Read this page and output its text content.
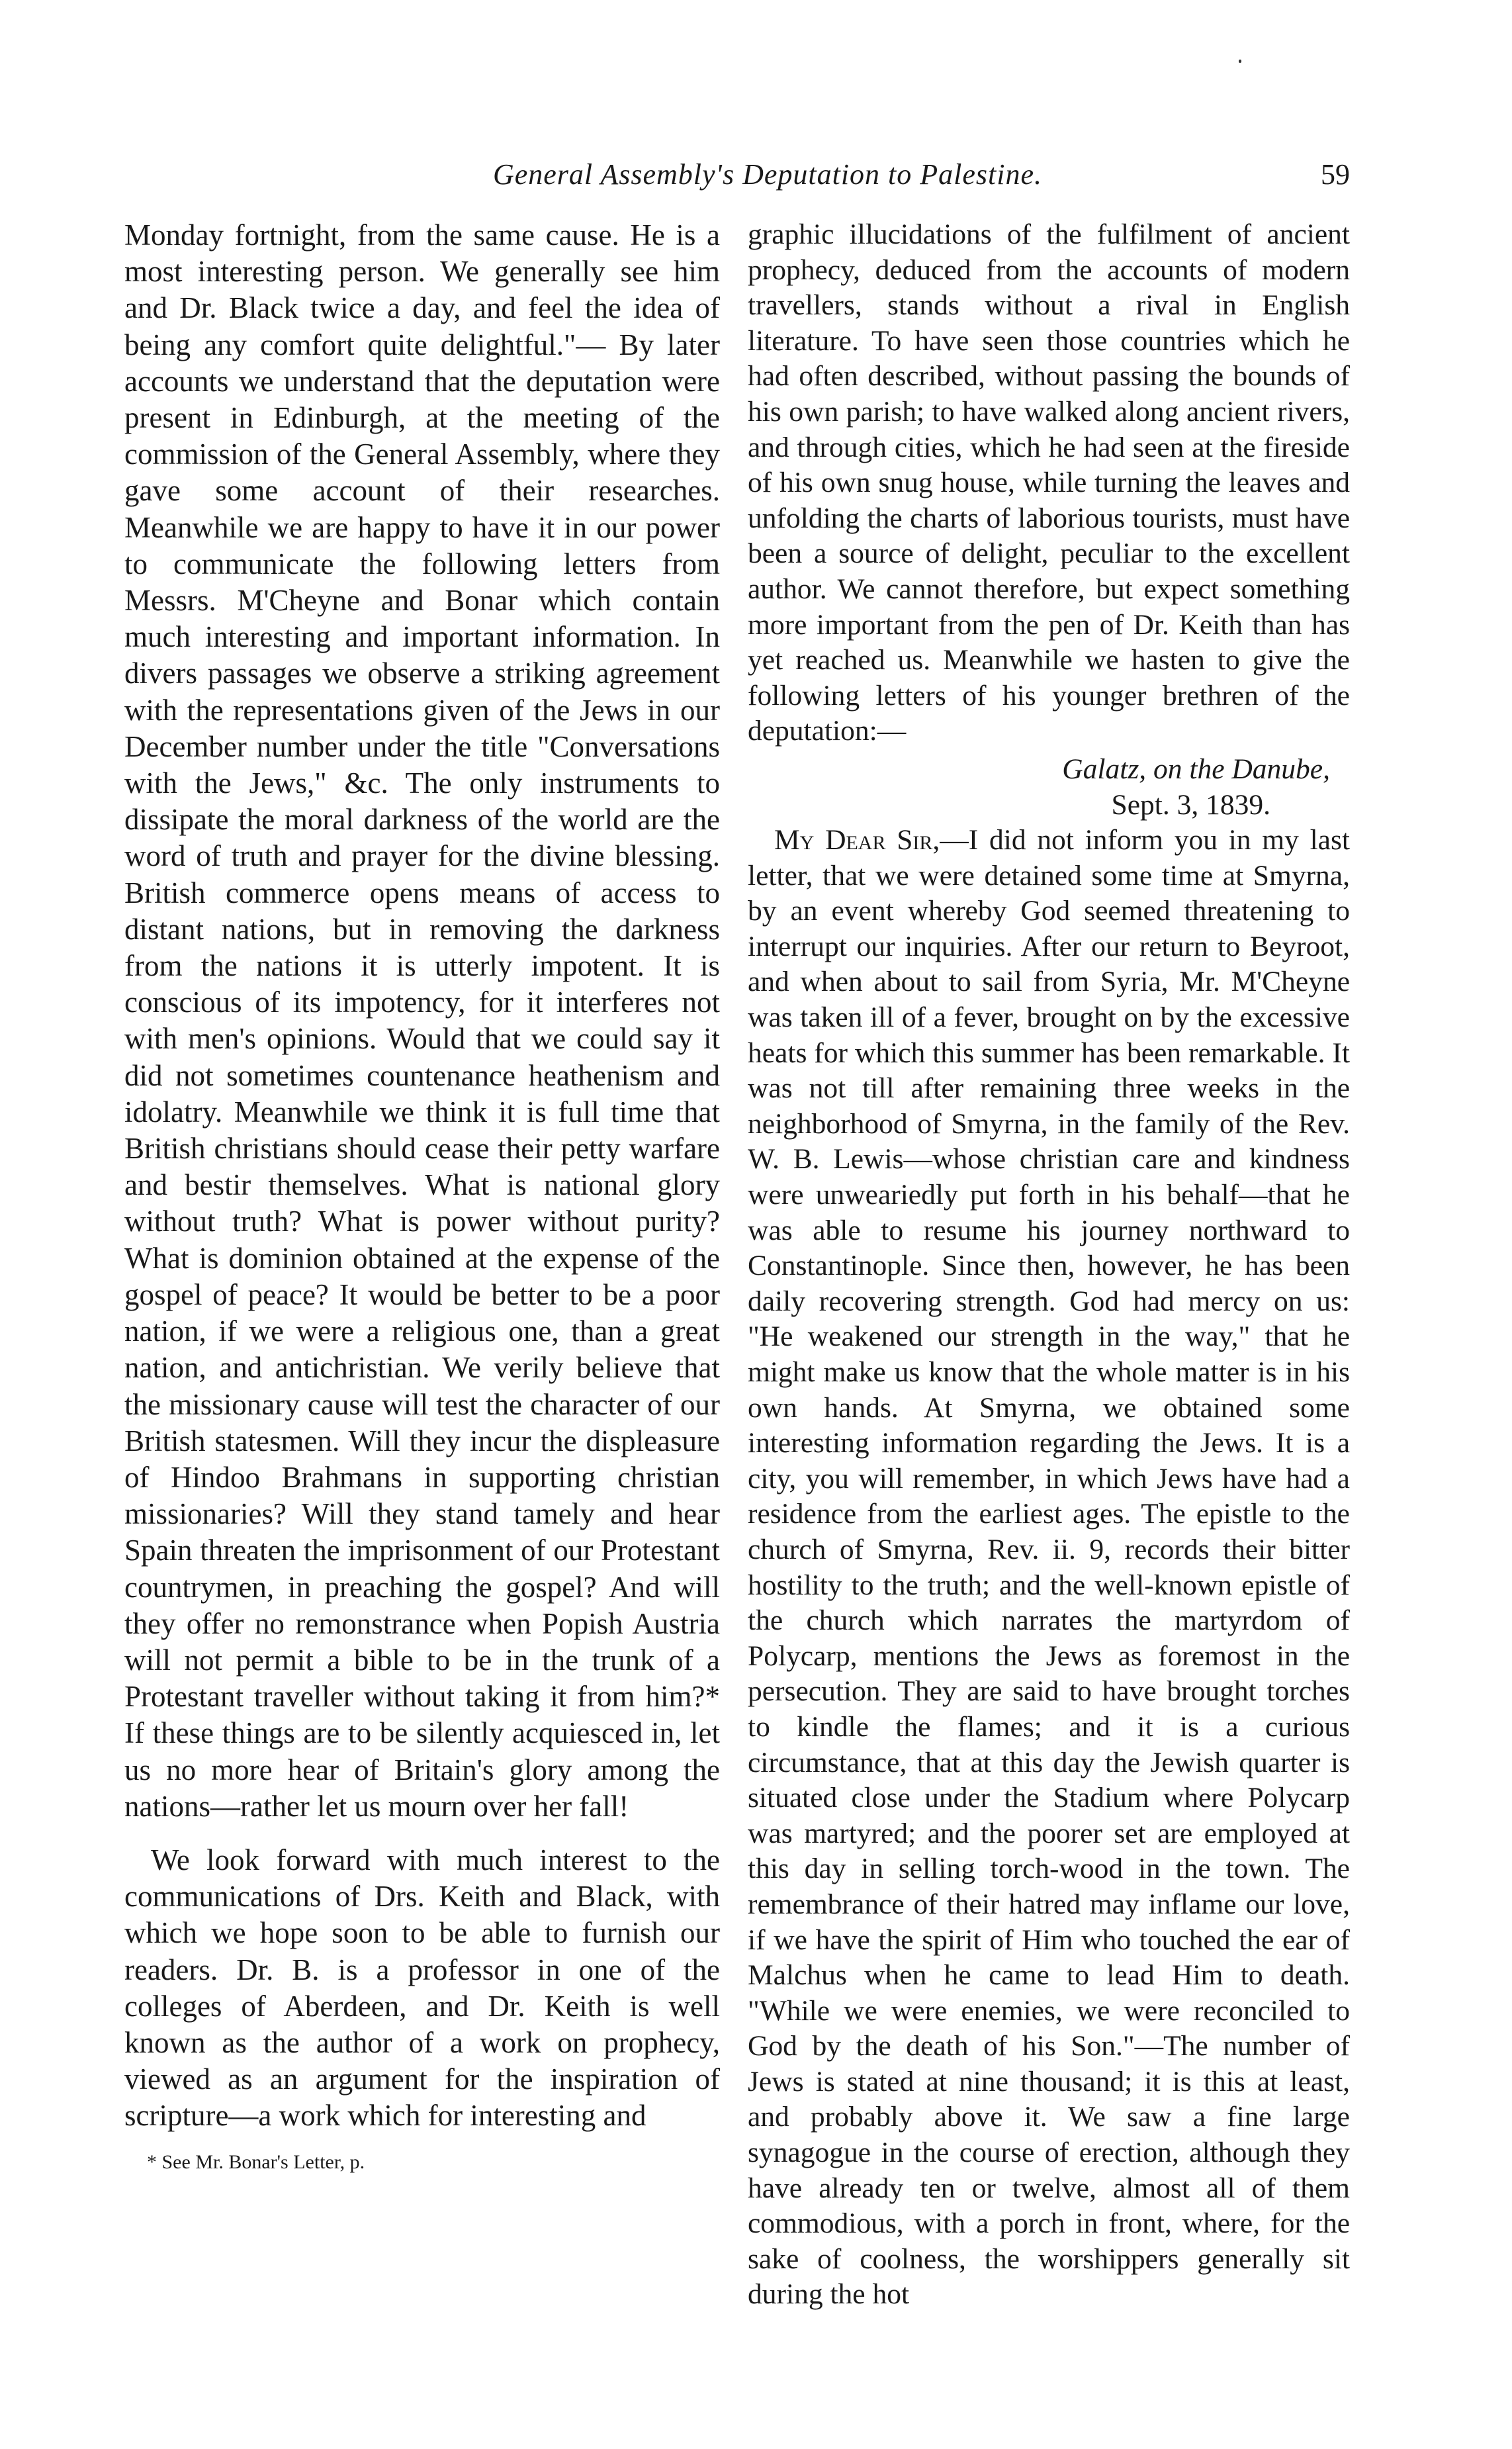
General Assembly's Deputation to Palestine.	59

Monday fortnight, from the same cause. He is a most interesting person. We generally see him and Dr. Black twice a day, and feel the idea of being any comfort quite delightful."— By later accounts we understand that the deputation were present in Edinburgh, at the meeting of the commission of the General Assembly, where they gave some account of their researches. Meanwhile we are happy to have it in our power to communicate the following letters from Messrs. M'Cheyne and Bonar which contain much interesting and important information. In divers passages we observe a striking agreement with the representations given of the Jews in our December number under the title "Conversations with the Jews," &c. The only instruments to dissipate the moral darkness of the world are the word of truth and prayer for the divine blessing. British commerce opens means of access to distant nations, but in removing the darkness from the nations it is utterly impotent. It is conscious of its impotency, for it interferes not with men's opinions. Would that we could say it did not sometimes countenance heathenism and idolatry. Meanwhile we think it is full time that British christians should cease their petty warfare and bestir themselves. What is national glory without truth? What is power without purity? What is dominion obtained at the expense of the gospel of peace? It would be better to be a poor nation, if we were a religious one, than a great nation, and antichristian. We verily believe that the missionary cause will test the character of our British statesmen. Will they incur the displeasure of Hindoo Brahmans in supporting christian missionaries? Will they stand tamely and hear Spain threaten the imprisonment of our Protestant countrymen, in preaching the gospel? And will they offer no remonstrance when Popish Austria will not permit a bible to be in the trunk of a Protestant traveller without taking it from him?* If these things are to be silently acquiesced in, let us no more hear of Britain's glory among the nations—rather let us mourn over her fall!

We look forward with much interest to the communications of Drs. Keith and Black, with which we hope soon to be able to furnish our readers. Dr. B. is a professor in one of the colleges of Aberdeen, and Dr. Keith is well known as the author of a work on prophecy, viewed as an argument for the inspiration of scripture—a work which for interesting and

graphic illucidations of the fulfilment of ancient prophecy, deduced from the accounts of modern travellers, stands without a rival in English literature. To have seen those countries which he had often described, without passing the bounds of his own parish; to have walked along ancient rivers, and through cities, which he had seen at the fireside of his own snug house, while turning the leaves and unfolding the charts of laborious tourists, must have been a source of delight, peculiar to the excellent author. We cannot therefore, but expect something more important from the pen of Dr. Keith than has yet reached us. Meanwhile we hasten to give the following letters of his younger brethren of the deputation:—

Galatz, on the Danube,
Sept. 3, 1839.

My Dear Sir,—I did not inform you in my last letter, that we were detained some time at Smyrna, by an event whereby God seemed threatening to interrupt our inquiries. After our return to Beyroot, and when about to sail from Syria, Mr. M'Cheyne was taken ill of a fever, brought on by the excessive heats for which this summer has been remarkable. It was not till after remaining three weeks in the neighborhood of Smyrna, in the family of the Rev. W. B. Lewis—whose christian care and kindness were unweariedly put forth in his behalf—that he was able to resume his journey northward to Constantinople. Since then, however, he has been daily recovering strength. God had mercy on us: "He weakened our strength in the way," that he might make us know that the whole matter is in his own hands. At Smyrna, we obtained some interesting information regarding the Jews. It is a city, you will remember, in which Jews have had a residence from the earliest ages. The epistle to the church of Smyrna, Rev. ii. 9, records their bitter hostility to the truth; and the well-known epistle of the church which narrates the martyrdom of Polycarp, mentions the Jews as foremost in the persecution. They are said to have brought torches to kindle the flames; and it is a curious circumstance, that at this day the Jewish quarter is situated close under the Stadium where Polycarp was martyred; and the poorer set are employed at this day in selling torch-wood in the town. The remembrance of their hatred may inflame our love, if we have the spirit of Him who touched the ear of Malchus when he came to lead Him to death. "While we were enemies, we were reconciled to God by the death of his Son."—The number of Jews is stated at nine thousand; it is this at least, and probably above it. We saw a fine large synagogue in the course of erection, although they have already ten or twelve, almost all of them commodious, with a porch in front, where, for the sake of coolness, the worshippers generally sit during the hot

* See Mr. Bonar's Letter, p.
